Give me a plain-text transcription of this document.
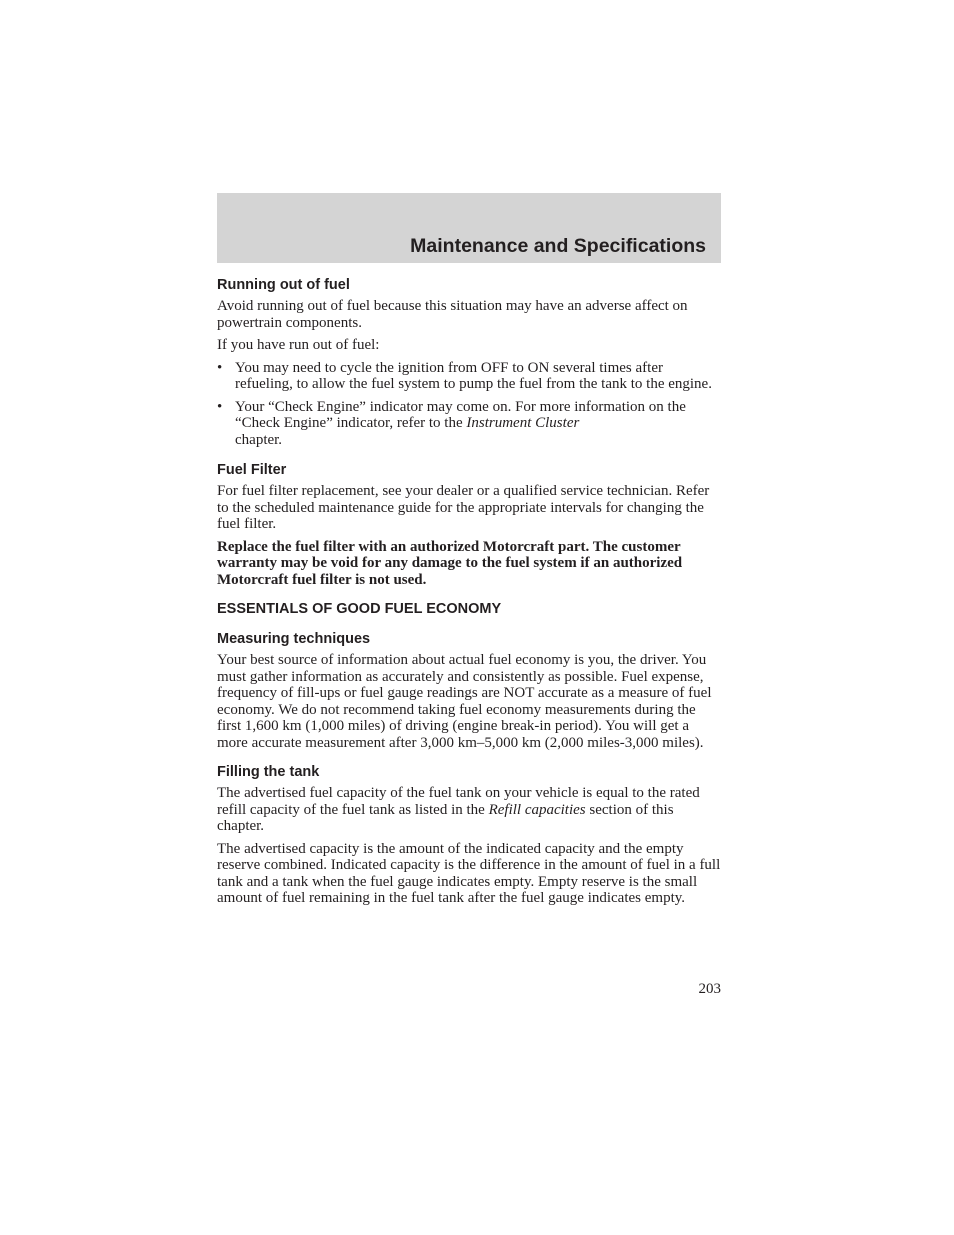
Maintenance and Specifications
Running out of fuel

Avoid running out of fuel because this situation may have an adverse affect on powertrain components.

If you have run out of fuel:

• You may need to cycle the ignition from OFF to ON several times after refueling, to allow the fuel system to pump the fuel from the tank to the engine.
• Your “Check Engine” indicator may come on. For more information on the “Check Engine” indicator, refer to the Instrument Cluster
chapter.
Fuel Filter

For fuel filter replacement, see your dealer or a qualified service technician. Refer to the scheduled maintenance guide for the appropriate intervals for changing the fuel filter.

Replace the fuel filter with an authorized Motorcraft part. The customer warranty may be void for any damage to the fuel system if an authorized Motorcraft fuel filter is not used.

ESSENTIALS OF GOOD FUEL ECONOMY
Measuring techniques

Your best source of information about actual fuel economy is you, the driver. You must gather information as accurately and consistently as possible. Fuel expense, frequency of fill-ups or fuel gauge readings are NOT accurate as a measure of fuel economy. We do not recommend taking fuel economy measurements during the first 1,600 km (1,000 miles) of driving (engine break-in period). You will get a more accurate measurement after 3,000 km–5,000 km (2,000 miles-3,000 miles).

Filling the tank

The advertised fuel capacity of the fuel tank on your vehicle is equal to the rated refill capacity of the fuel tank as listed in the Refill capacities section of this chapter.

The advertised capacity is the amount of the indicated capacity and the empty reserve combined. Indicated capacity is the difference in the amount of fuel in a full tank and a tank when the fuel gauge indicates empty. Empty reserve is the small amount of fuel remaining in the fuel tank after the fuel gauge indicates empty.

203
